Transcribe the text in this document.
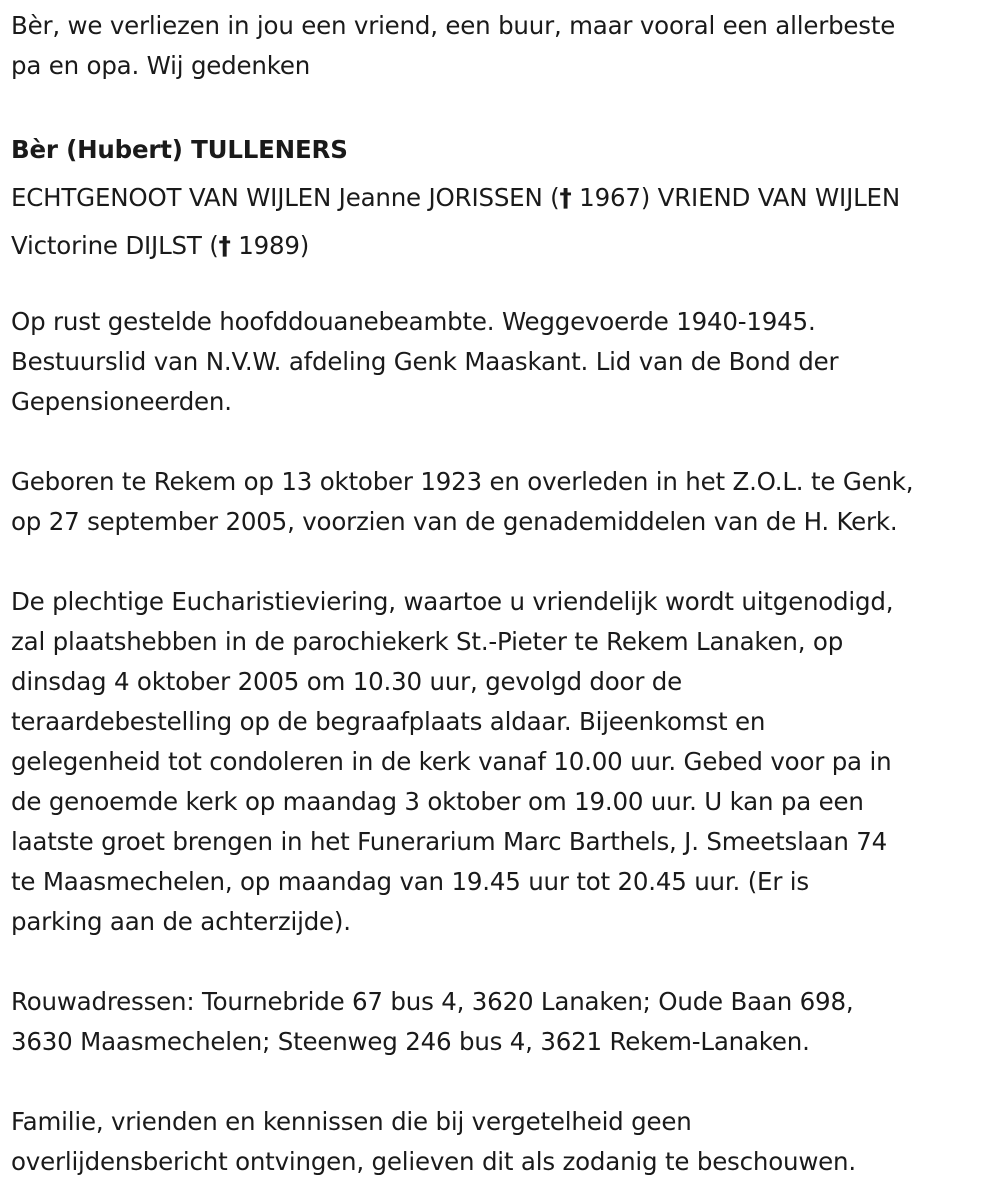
Bèr, we verliezen in jou een vriend, een buur, maar vooral een allerbeste

pa en opa. Wij gedenken

Bèr (Hubert) TULLENERS

ECHTGENOOT VAN WIJLEN Jeanne JORISSEN († 1967) VRIEND VAN WIJLEN

Victorine DIJLST († 1989)

Op rust gestelde hoofddouanebeambte. Weggevoerde 1940-1945.

Bestuurslid van N.V.W. afdeling Genk Maaskant. Lid van de Bond der

Gepensioneerden.

Geboren te Rekem op 13 oktober 1923 en overleden in het Z.O.L. te Genk,

op 27 september 2005, voorzien van de genademiddelen van de H. Kerk.

De plechtige Eucharistieviering, waartoe u vriendelijk wordt uitgenodigd,

zal plaatshebben in de parochiekerk St.-Pieter te Rekem Lanaken, op

dinsdag 4 oktober 2005 om 10.30 uur, gevolgd door de

teraardebestelling op de begraafplaats aldaar. Bijeenkomst en

gelegenheid tot condoleren in de kerk vanaf 10.00 uur. Gebed voor pa in

de genoemde kerk op maandag 3 oktober om 19.00 uur. U kan pa een

laatste groet brengen in het Funerarium Marc Barthels, J. Smeetslaan 74

te Maasmechelen, op maandag van 19.45 uur tot 20.45 uur. (Er is

parking aan de achterzijde).

Rouwadressen: Tournebride 67 bus 4, 3620 Lanaken; Oude Baan 698,

3630 Maasmechelen; Steenweg 246 bus 4, 3621 Rekem-Lanaken.

Familie, vrienden en kennissen die bij vergetelheid geen

overlijdensbericht ontvingen, gelieven dit als zodanig te beschouwen.
